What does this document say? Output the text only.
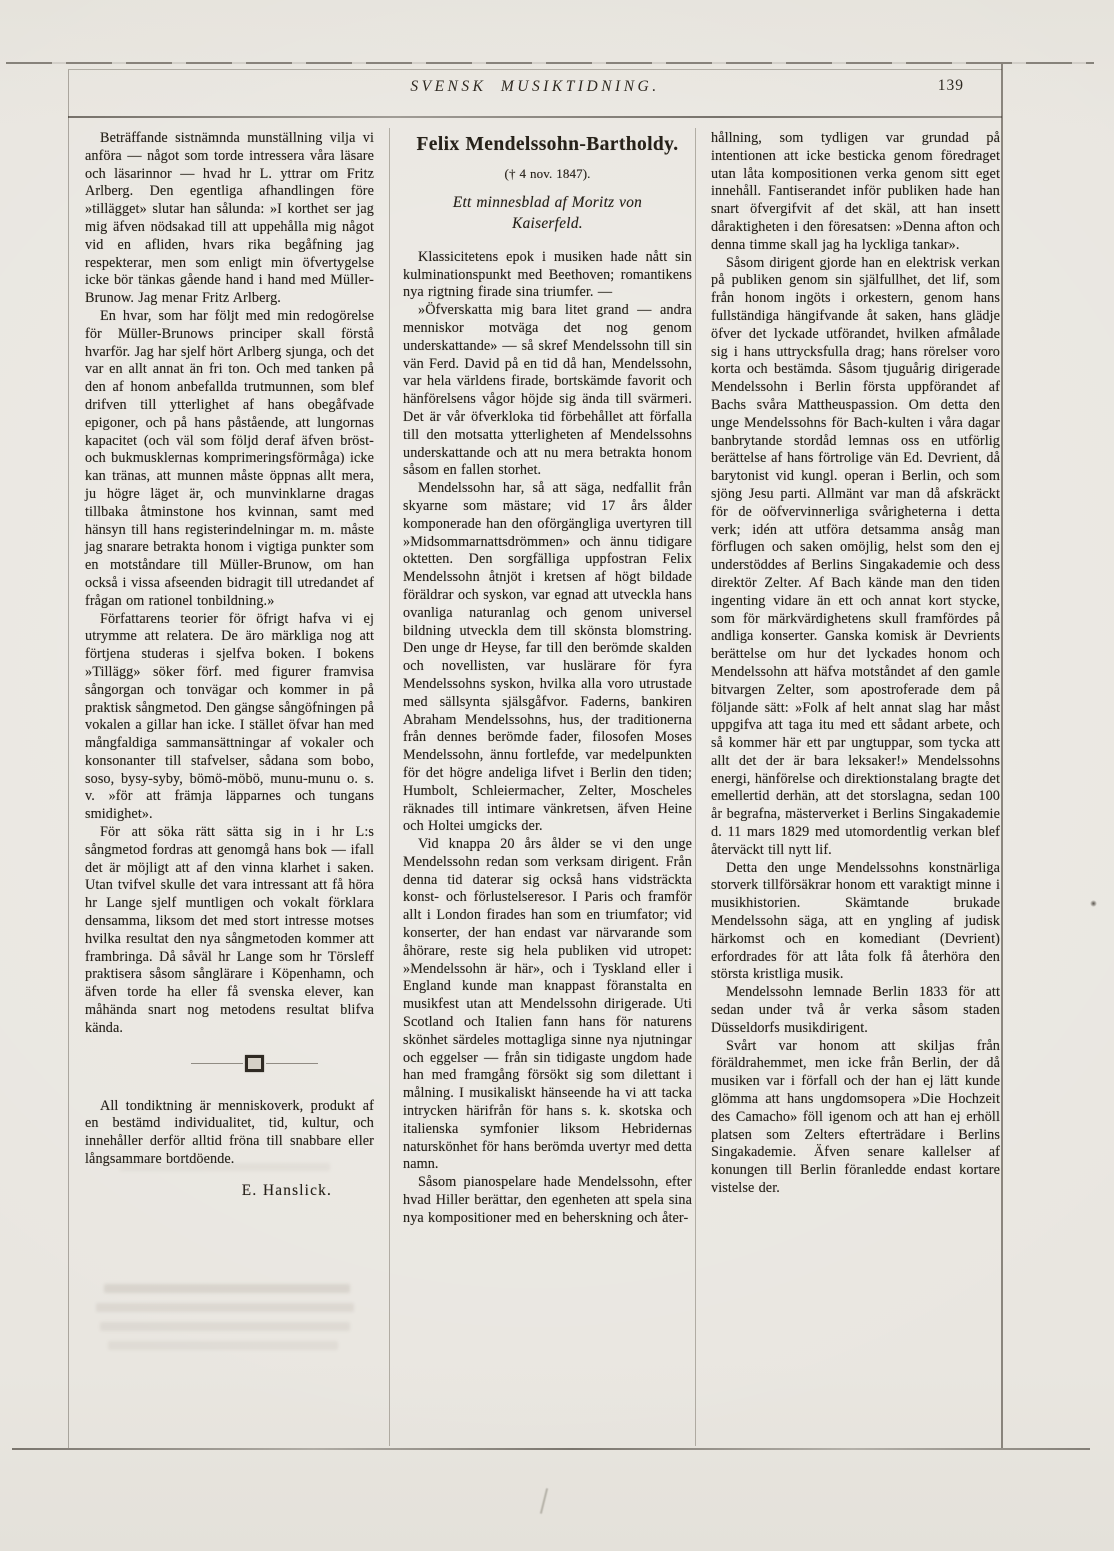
SVENSK MUSIKTIDNING.	139

Beträffande sistnämnda munställning vilja vi anföra — något som torde intressera våra läsare och läsarinnor — hvad hr L. yttrar om Fritz Arlberg. Den egentliga afhandlingen före »tillägget» slutar han sålunda: »I korthet ser jag mig äfven nödsakad till att uppehålla mig något vid en afliden, hvars rika begåfning jag respekterar, men som enligt min öfvertygelse icke bör tänkas gående hand i hand med Müller-Brunow. Jag menar Fritz Arlberg.

En hvar, som har följt med min redogörelse för Müller-Brunows principer skall förstå hvarför. Jag har sjelf hört Arlberg sjunga, och det var en allt annat än fri ton. Och med tanken på den af honom anbefallda trutmunnen, som blef drifven till ytterlighet af hans obegåfvade epigoner, och på hans påstående, att lungornas kapacitet (och väl som följd deraf äfven bröst- och bukmusklernas komprimeringsförmåga) icke kan tränas, att munnen måste öppnas allt mera, ju högre läget är, och munvinklarne dragas tillbaka åtminstone hos kvinnan, samt med hänsyn till hans registerindelningar m. m. måste jag snarare betrakta honom i vigtiga punkter som en motståndare till Müller-Brunow, om han också i vissa afseenden bidragit till utredandet af frågan om rationel tonbildning.»

Författarens teorier för öfrigt hafva vi ej utrymme att relatera. De äro märkliga nog att förtjena studeras i sjelfva boken. I bokens »Tillägg» söker förf. med figurer framvisa sångorgan och tonvägar och kommer in på praktisk sångmetod. Den gängse sångöfningen på vokalen a gillar han icke. I stället öfvar han med mångfaldiga sammansättningar af vokaler och konsonanter till stafvelser, sådana som bobo, soso, bysy-syby, bömö-möbö, munu-munu o. s. v. »för att främja läpparnes och tungans smidighet».

För att söka rätt sätta sig in i hr L:s sångmetod fordras att genomgå hans bok — ifall det är möjligt att af den vinna klarhet i saken. Utan tvifvel skulle det vara intressant att få höra hr Lange sjelf muntligen och vokalt förklara densamma, liksom det med stort intresse motses hvilka resultat den nya sångmetoden kommer att frambringa. Då såväl hr Lange som hr Törsleff praktisera såsom sånglärare i Köpenhamn, och äfven torde ha eller få svenska elever, kan måhända snart nog metodens resultat blifva kända.

All tondiktning är menniskoverk, produkt af en bestämd individualitet, tid, kultur, och innehåller derför alltid fröna till snabbare eller långsammare bortdöende.

E. Hanslick.
Felix Mendelssohn-Bartholdy.
(† 4 nov. 1847).
Ett minnesblad af Moritz von Kaiserfeld.

Klassicitetens epok i musiken hade nått sin kulminationspunkt med Beethoven; romantikens nya rigtning firade sina triumfer. —

»Öfverskatta mig bara litet grand — andra menniskor motväga det nog genom underskattande» — så skref Mendelssohn till sin vän Ferd. David på en tid då han, Mendelssohn, var hela världens firade, bortskämde favorit och hänförelsens vågor höjde sig ända till svärmeri. Det är vår öfverkloka tid förbehållet att förfalla till den motsatta ytterligheten af Mendelssohns underskattande och att nu mera betrakta honom såsom en fallen storhet.

Mendelssohn har, så att säga, nedfallit från skyarne som mästare; vid 17 års ålder komponerade han den oförgängliga uvertyren till »Midsommarnattsdrömmen» och ännu tidigare oktetten. Den sorgfälliga uppfostran Felix Mendelssohn åtnjöt i kretsen af högt bildade föräldrar och syskon, var egnad att utveckla hans ovanliga naturanlag och genom universel bildning utveckla dem till skönsta blomstring. Den unge dr Heyse, far till den berömde skalden och novellisten, var huslärare för fyra Mendelssohns syskon, hvilka alla voro utrustade med sällsynta själsgåfvor. Faderns, bankiren Abraham Mendelssohns, hus, der traditionerna från dennes berömde fader, filosofen Moses Mendelssohn, ännu fortlefde, var medelpunkten för det högre andeliga lifvet i Berlin den tiden; Humbolt, Schleiermacher, Zelter, Moscheles räknades till intimare vänkretsen, äfven Heine och Holtei umgicks der.

Vid knappa 20 års ålder se vi den unge Mendelssohn redan som verksam dirigent. Från denna tid daterar sig också hans vidsträckta konst- och förlustelseresor. I Paris och framför allt i London firades han som en triumfator; vid konserter, der han endast var närvarande som åhörare, reste sig hela publiken vid utropet: »Mendelssohn är här», och i Tyskland eller i England kunde man knappast föranstalta en musikfest utan att Mendelssohn dirigerade. Uti Scotland och Italien fann hans för naturens skönhet särdeles mottagliga sinne nya njutningar och eggelser — från sin tidigaste ungdom hade han med framgång försökt sig som dilettant i målning. I musikaliskt hänseende ha vi att tacka intrycken härifrån för hans s. k. skotska och italienska symfonier liksom Hebridernas naturskönhet för hans berömda uvertyr med detta namn.

Såsom pianospelare hade Mendelssohn, efter hvad Hiller berättar, den egenheten att spela sina nya kompositioner med en beherskning och åter-

hållning, som tydligen var grundad på intentionen att icke besticka genom föredraget utan låta kompositionen verka genom sitt eget innehåll. Fantiserandet inför publiken hade han snart öfvergifvit af det skäl, att han insett dåraktigheten i den föresatsen: »Denna afton och denna timme skall jag ha lyckliga tankar».

Såsom dirigent gjorde han en elektrisk verkan på publiken genom sin själfullhet, det lif, som från honom ingöts i orkestern, genom hans fullständiga hängifvande åt saken, hans glädje öfver det lyckade utförandet, hvilken afmålade sig i hans uttrycksfulla drag; hans rörelser voro korta och bestämda. Såsom tjuguårig dirigerade Mendelssohn i Berlin första uppförandet af Bachs svåra Mattheuspassion. Om detta den unge Mendelssohns för Bach-kulten i våra dagar banbrytande stordåd lemnas oss en utförlig berättelse af hans förtrolige vän Ed. Devrient, då barytonist vid kungl. operan i Berlin, och som sjöng Jesu parti. Allmänt var man då afskräckt för de oöfvervinnerliga svårigheterna i detta verk; idén att utföra detsamma ansåg man förflugen och saken omöjlig, helst som den ej understöddes af Berlins Singakademie och dess direktör Zelter. Af Bach kände man den tiden ingenting vidare än ett och annat kort stycke, som för märkvärdighetens skull framfördes på andliga konserter. Ganska komisk är Devrients berättelse om hur det lyckades honom och Mendelssohn att häfva motståndet af den gamle bitvargen Zelter, som apostroferade dem på följande sätt: »Folk af helt annat slag har måst uppgifva att taga itu med ett sådant arbete, och så kommer här ett par ungtuppar, som tycka att allt det der är bara leksaker!» Mendelssohns energi, hänförelse och direktionstalang bragte det emellertid derhän, att det storslagna, sedan 100 år begrafna, mästerverket i Berlins Singakademie d. 11 mars 1829 med utomordentlig verkan blef återväckt till nytt lif.

Detta den unge Mendelssohns konstnärliga storverk tillförsäkrar honom ett varaktigt minne i musikhistorien. Skämtande brukade Mendelssohn säga, att en yngling af judisk härkomst och en komediant (Devrient) erfordrades för att låta folk få återhöra den största kristliga musik.

Mendelssohn lemnade Berlin 1833 för att sedan under två år verka såsom staden Düsseldorfs musikdirigent.

Svårt var honom att skiljas från föräldrahemmet, men icke från Berlin, der då musiken var i förfall och der han ej lätt kunde glömma att hans ungdomsopera »Die Hochzeit des Camacho» föll igenom och att han ej erhöll platsen som Zelters efterträdare i Berlins Singakademie. Äfven senare kallelser af konungen till Berlin föranledde endast kortare vistelse der.
